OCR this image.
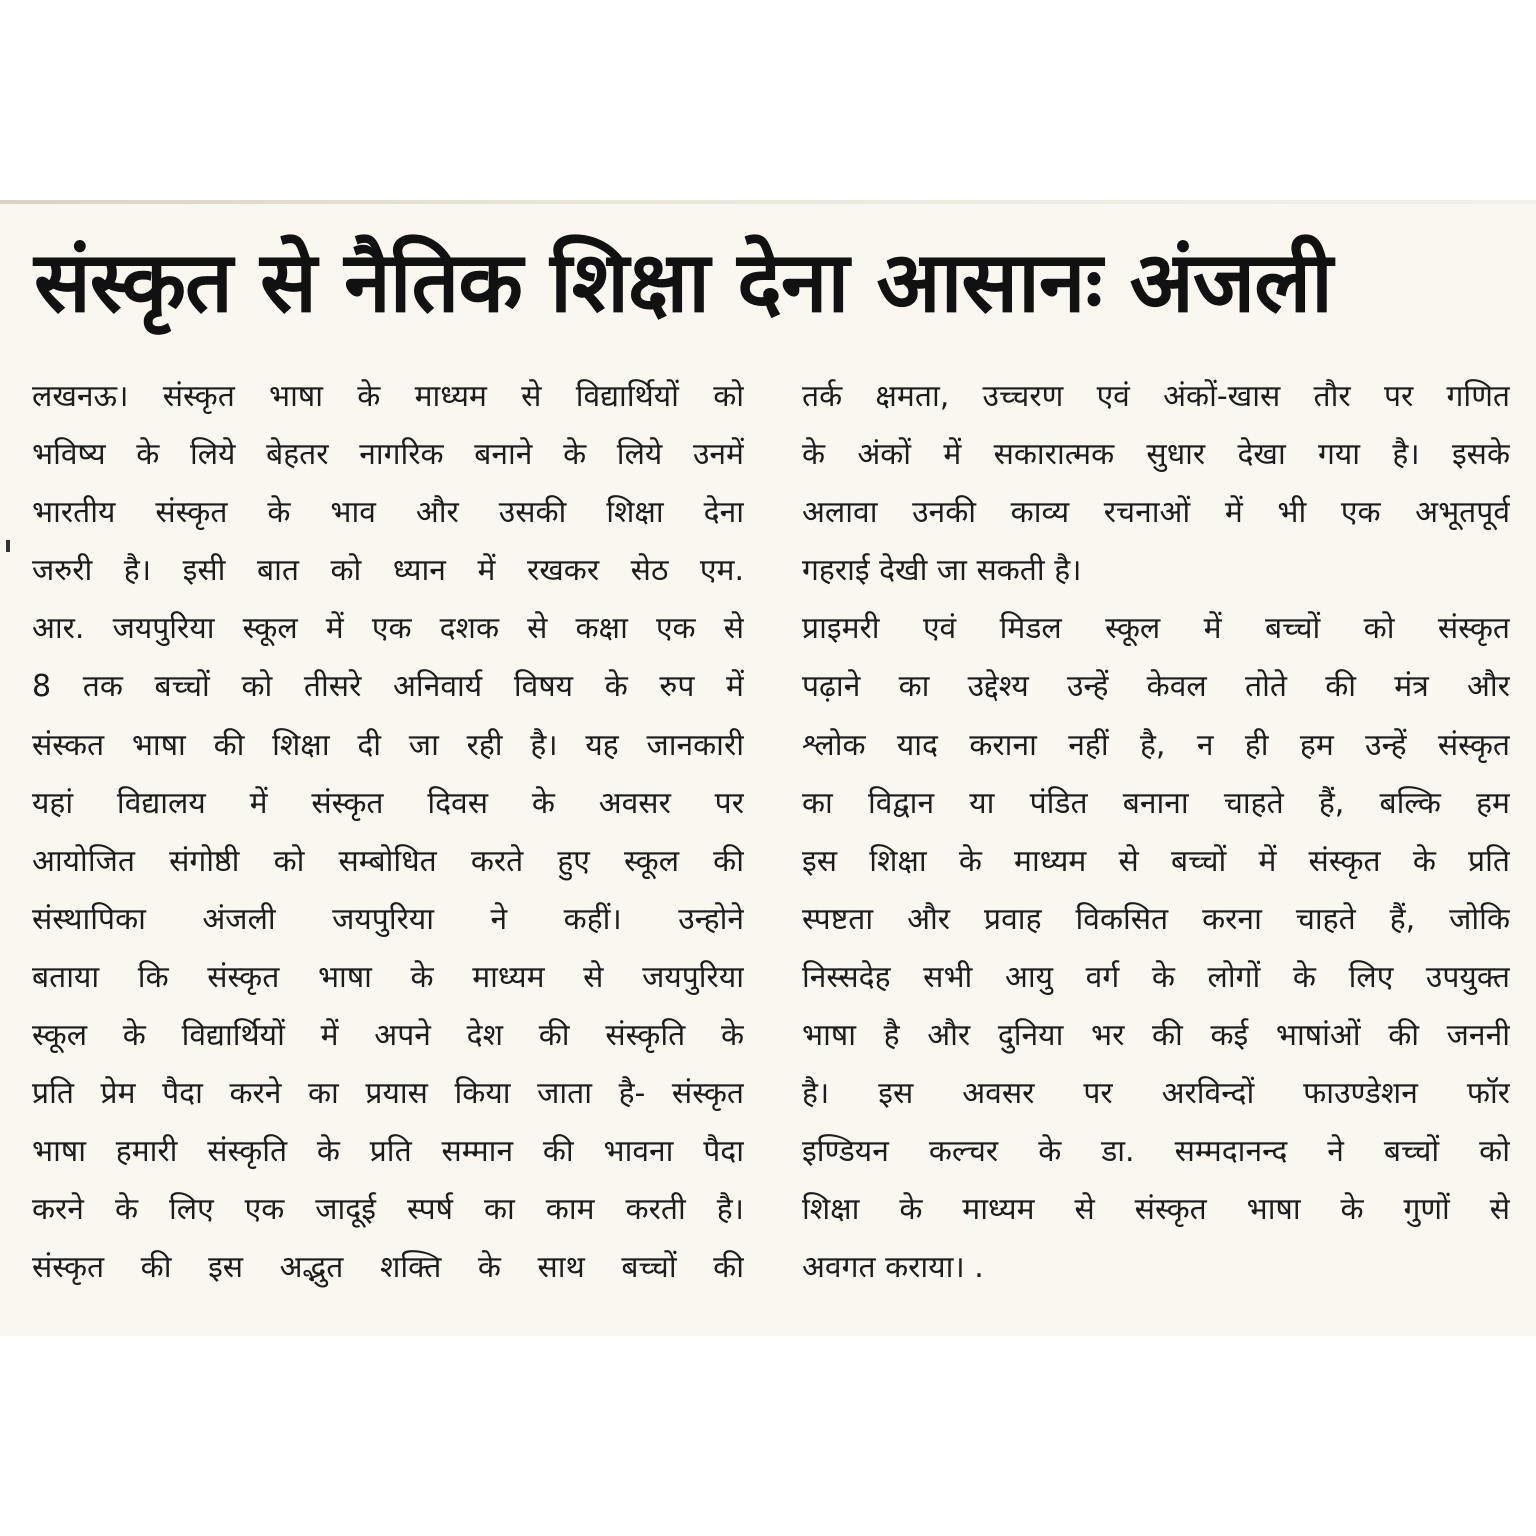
संस्कृत से नैतिक शिक्षा देना आसानः अंजली
लखनऊ। संस्कृत भाषा के माध्यम से विद्यार्थियों को
भविष्य के लिये बेहतर नागरिक बनाने के लिये उनमें
भारतीय संस्कृत के भाव और उसकी शिक्षा देना
जरुरी है। इसी बात को ध्यान में रखकर सेठ एम.
आर. जयपुरिया स्कूल में एक दशक से कक्षा एक से
8 तक बच्चों को तीसरे अनिवार्य विषय के रुप में
संस्कत भाषा की शिक्षा दी जा रही है। यह जानकारी
यहां विद्यालय में संस्कृत दिवस के अवसर पर
आयोजित संगोष्ठी को सम्बोधित करते हुए स्कूल की
संस्थापिका अंजली जयपुरिया ने कहीं। उन्होने
बताया कि संस्कृत भाषा के माध्यम से जयपुरिया
स्कूल के विद्यार्थियों में अपने देश की संस्कृति के
प्रति प्रेम पैदा करने का प्रयास किया जाता है- संस्कृत
भाषा हमारी संस्कृति के प्रति सम्मान की भावना पैदा
करने के लिए एक जादूई स्पर्ष का काम करती है।
संस्कृत की इस अद्भुत शक्ति के साथ बच्चों की
तर्क क्षमता, उच्चरण एवं अंकों-खास तौर पर गणित
के अंकों में सकारात्मक सुधार देखा गया है। इसके
अलावा उनकी काव्य रचनाओं में भी एक अभूतपूर्व
गहराई देखी जा सकती है।
प्राइमरी एवं मिडल स्कूल में बच्चों को संस्कृत
पढ़ाने का उद्देश्य उन्हें केवल तोते की मंत्र और
श्लोक याद कराना नहीं है, न ही हम उन्हें संस्कृत
का विद्वान या पंडित बनाना चाहते हैं, बल्कि हम
इस शिक्षा के माध्यम से बच्चों में संस्कृत के प्रति
स्पष्टता और प्रवाह विकसित करना चाहते हैं, जोकि
निस्सदेह सभी आयु वर्ग के लोगों के लिए उपयुक्त
भाषा है और दुनिया भर की कई भाषांओं की जननी
है। इस अवसर पर अरविन्दों फाउण्डेशन फॉर
इण्डियन कल्चर के डा. सम्मदानन्द ने बच्चों को
शिक्षा के माध्यम से संस्कृत भाषा के गुणों से
अवगत कराया। .
